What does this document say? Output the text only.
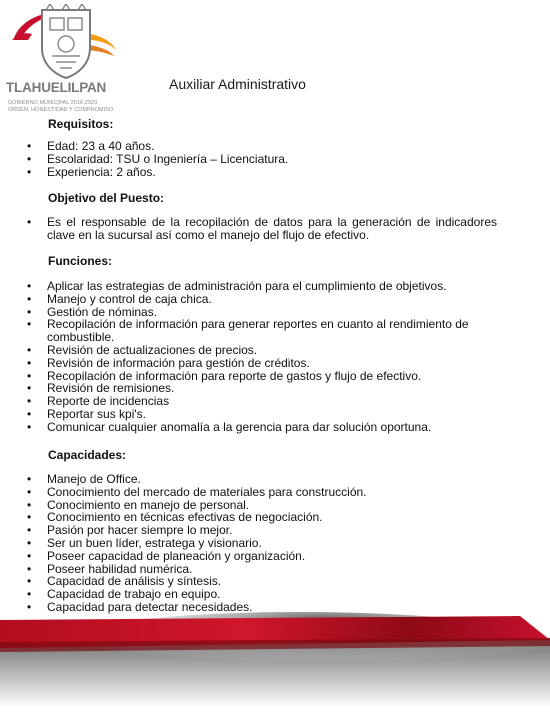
TLAHUELILPAN
GOBIERNO MUNICIPAL 2016-2020
ORDEN, HONESTIDAD Y COMPROMISO
Auxiliar Administrativo
Requisitos:
• Edad: 23 a 40 años.
• Escolaridad: TSU o Ingeniería – Licenciatura.
• Experiencia: 2 años.
Objetivo del Puesto:
• Es el responsable de la recopilación de datos para la generación de indicadores clave en la sucursal así como el manejo del flujo de efectivo.
Funciones:
• Aplicar las estrategias de administración para el cumplimiento de objetivos.
• Manejo y control de caja chica.
• Gestión de nóminas.
• Recopilación de información para generar reportes en cuanto al rendimiento de combustible.
• Revisión de actualizaciones de precios.
• Revisión de información para gestión de créditos.
• Recopilación de información para reporte de gastos y flujo de efectivo.
• Revisión de remisiones.
• Reporte de incidencias
• Reportar sus kpi's.
• Comunicar cualquier anomalía a la gerencia para dar solución oportuna.
Capacidades:
• Manejo de Office.
• Conocimiento del mercado de materiales para construcción.
• Conocimiento en manejo de personal.
• Conocimiento en técnicas efectivas de negociación.
• Pasión por hacer siempre lo mejor.
• Ser un buen líder, estratega y visionario.
• Poseer capacidad de planeación y organización.
• Poseer habilidad numérica.
• Capacidad de análisis y síntesis.
• Capacidad de trabajo en equipo.
• Capacidad para detectar necesidades.
